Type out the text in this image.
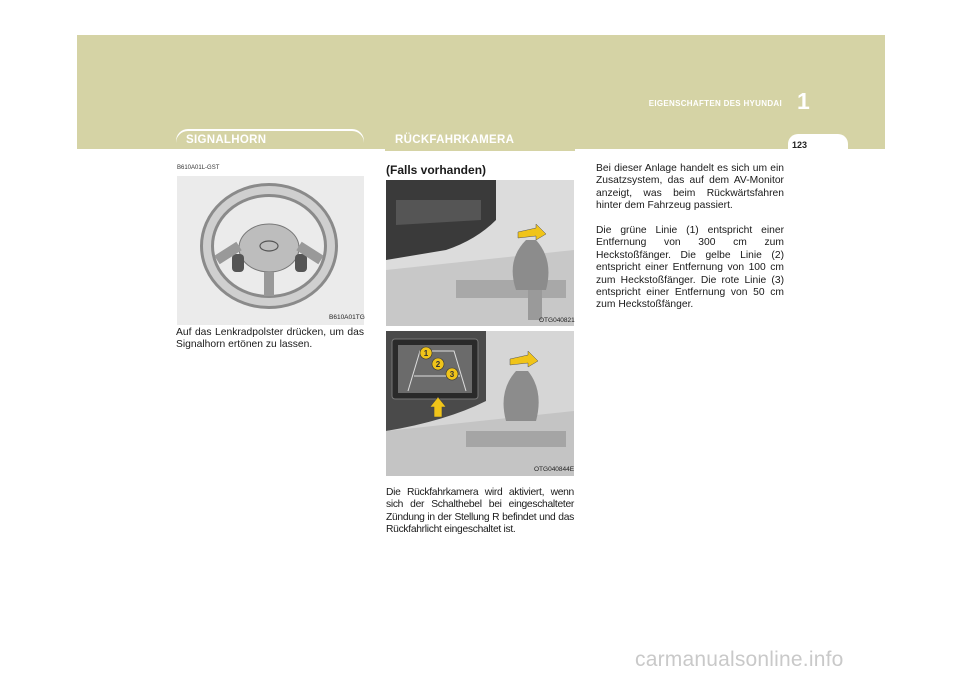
EIGENSCHAFTEN DES HYUNDAI 1
123
SIGNALHORN
B610A01L-GST
B610A01TG
Auf das Lenkradpolster drücken, um das Signalhorn ertönen zu lassen.
RÜCKFAHRKAMERA
(Falls vorhanden)
OTG040821
1
2
3
OTG040844E
Die Rückfahrkamera wird aktiviert, wenn sich der Schalthebel bei eingeschalteter Zündung in der Stellung R befindet und das Rückfahrlicht eingeschaltet ist.
Bei dieser Anlage handelt es sich um ein Zusatzsystem, das auf dem AV-Monitor anzeigt, was beim Rückwärtsfahren hinter dem Fahrzeug passiert.
Die grüne Linie (1) entspricht einer Entfernung von 300 cm zum Heckstoßfänger. Die gelbe Linie (2) entspricht einer Entfernung von 100 cm zum Heckstoßfänger. Die rote Linie (3) entspricht einer Entfernung von 50 cm zum Heckstoßfänger.
carmanualsonline.info
